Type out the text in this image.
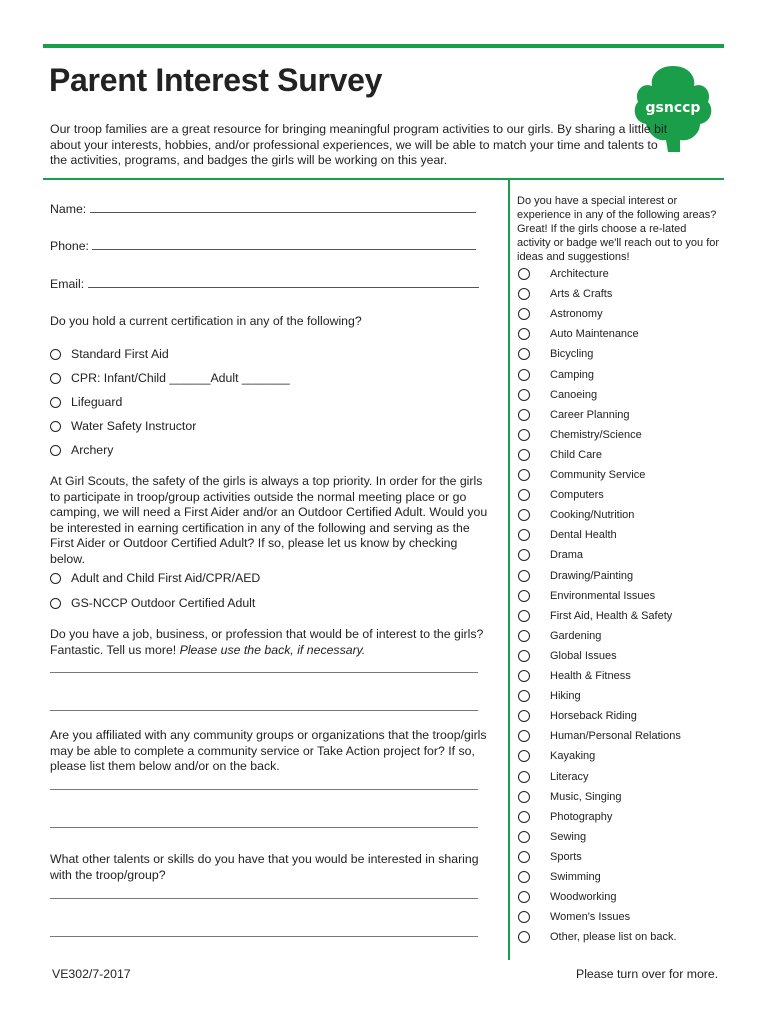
Parent Interest Survey
gsnccp
Our troop families are a great resource for bringing meaningful program activities to our girls. By sharing a little bit about your interests, hobbies, and/or professional experiences, we will be able to match your time and talents to the activities, programs, and badges the girls will be working on this year.
Name:
Phone:
Email:
Do you hold a current certification in any of the following?
Standard First Aid
CPR: Infant/Child ______Adult _______
Lifeguard
Water Safety Instructor
Archery
At Girl Scouts, the safety of the girls is always a top priority. In order for the girls to participate in troop/group activities outside the normal meeting place or go camping, we will need a First Aider and/or an Outdoor Certified Adult. Would you be interested in earning certification in any of the following and serving as the First Aider or Outdoor Certified Adult? If so, please let us know by checking below.
Adult and Child First Aid/CPR/AED
GS-NCCP Outdoor Certified Adult
Do you have a job, business, or profession that would be of interest to the girls? Fantastic. Tell us more! Please use the back, if necessary.
Are you affiliated with any community groups or organizations that the troop/girls may be able to complete a community service or Take Action project for? If so, please list them below and/or on the back.
What other talents or skills do you have that you would be interested in sharing with the troop/group?
Do you have a special interest or experience in any of the following areas? Great! If the girls choose a re-lated activity or badge we'll reach out to you for ideas and suggestions!
Architecture
Arts & Crafts
Astronomy
Auto Maintenance
Bicycling
Camping
Canoeing
Career Planning
Chemistry/Science
Child Care
Community Service
Computers
Cooking/Nutrition
Dental Health
Drama
Drawing/Painting
Environmental Issues
First Aid, Health & Safety
Gardening
Global Issues
Health & Fitness
Hiking
Horseback Riding
Human/Personal Relations
Kayaking
Literacy
Music, Singing
Photography
Sewing
Sports
Swimming
Woodworking
Women's Issues
Other, please list on back.
VE302/7-2017	Please turn over for more.
